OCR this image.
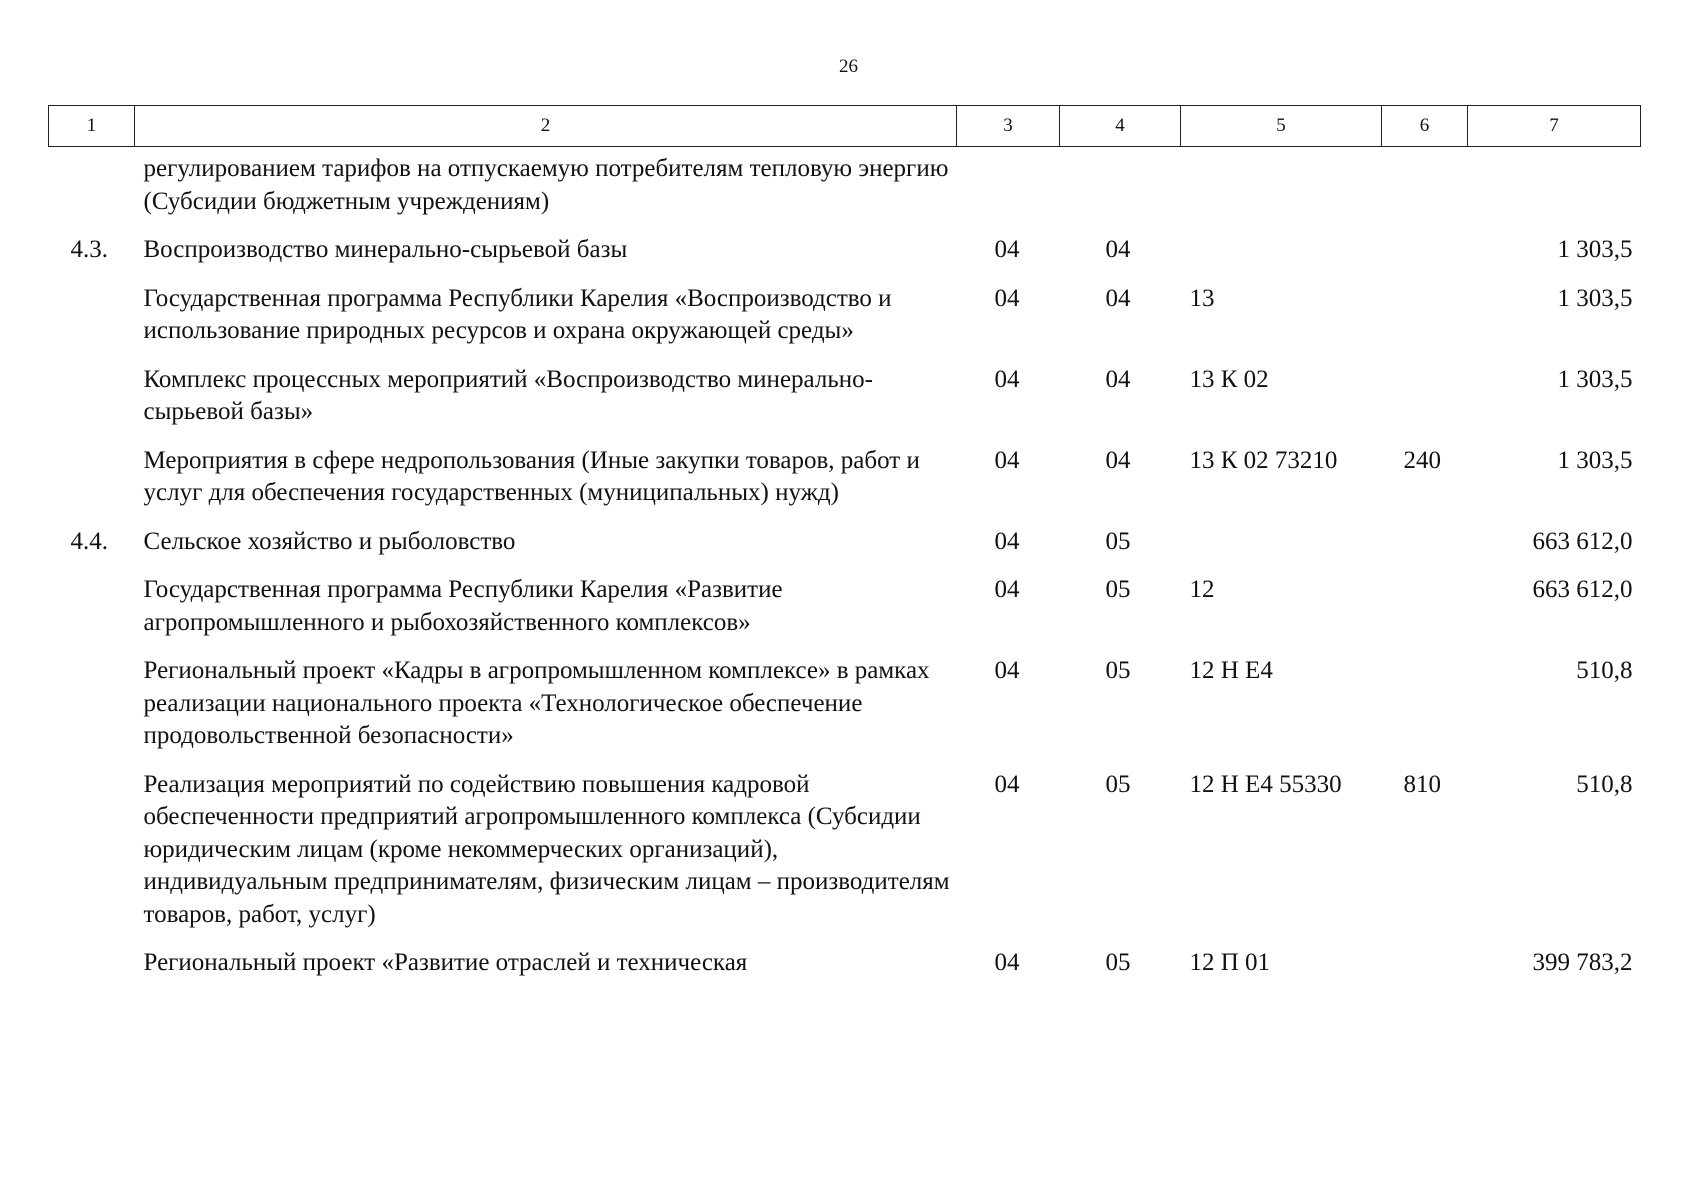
26
1	2	3	4	5	6	7
	регулированием тарифов на отпускаемую потребителям тепловую энергию (Субсидии бюджетным учреждениям)					
4.3.	Воспроизводство минерально-сырьевой базы	04	04			1 303,5
	Государственная программа Республики Карелия «Воспроизводство и использование природных ресурсов и охрана окружающей среды»	04	04	13		1 303,5
	Комплекс процессных мероприятий «Воспроизводство минерально-сырьевой базы»	04	04	13 К 02		1 303,5
	Мероприятия в сфере недропользования (Иные закупки товаров, работ и услуг для обеспечения государственных (муниципальных) нужд)	04	04	13 К 02 73210	240	1 303,5
4.4.	Сельское хозяйство и рыболовство	04	05			663 612,0
	Государственная программа Республики Карелия «Развитие агропромышленного и рыбохозяйственного комплексов»	04	05	12		663 612,0
	Региональный проект «Кадры в агропромышленном комплексе» в рамках реализации национального проекта «Технологическое обеспечение продовольственной безопасности»	04	05	12 Н Е4		510,8
	Реализация мероприятий по содействию повышения кадровой обеспеченности предприятий агропромышленного комплекса (Субсидии юридическим лицам (кроме некоммерческих организаций), индивидуальным предпринимателям, физическим лицам – производителям товаров, работ, услуг)	04	05	12 Н Е4 55330	810	510,8
	Региональный проект «Развитие отраслей и техническая	04	05	12 П 01		399 783,2
